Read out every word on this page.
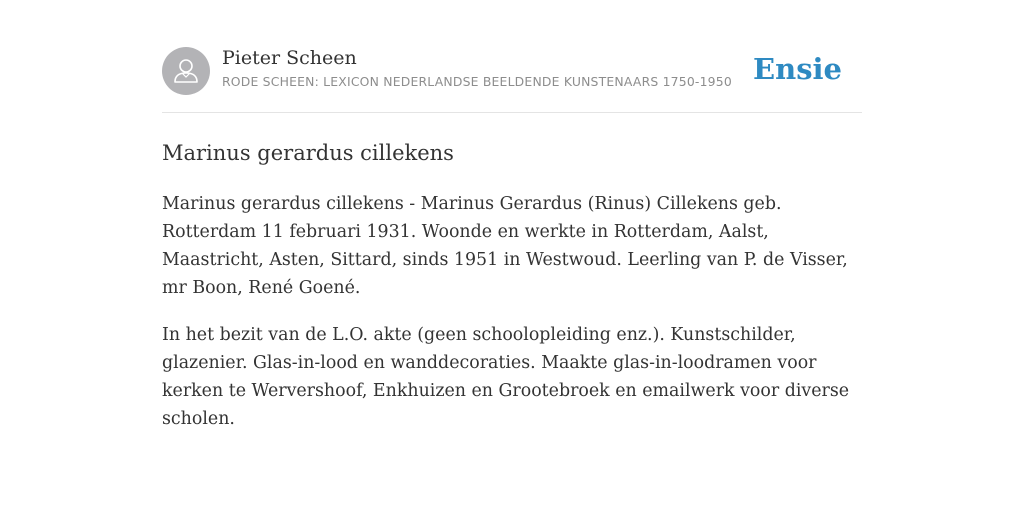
Pieter Scheen
RODE SCHEEN: LEXICON NEDERLANDSE BEELDENDE KUNSTENAARS 1750-1950 Ensie
Marinus gerardus cillekens

Marinus gerardus cillekens - Marinus Gerardus (Rinus) Cillekens geb. Rotterdam 11 februari 1931. Woonde en werkte in Rotterdam, Aalst, Maastricht, Asten, Sittard, sinds 1951 in Westwoud. Leerling van P. de Visser, mr Boon, René Goené.

In het bezit van de L.O. akte (geen schoolopleiding enz.). Kunstschilder, glazenier. Glas-in-lood en wanddecoraties. Maakte glas-in-loodramen voor kerken te Wervershoof, Enkhuizen en Grootebroek en emailwerk voor diverse scholen.
